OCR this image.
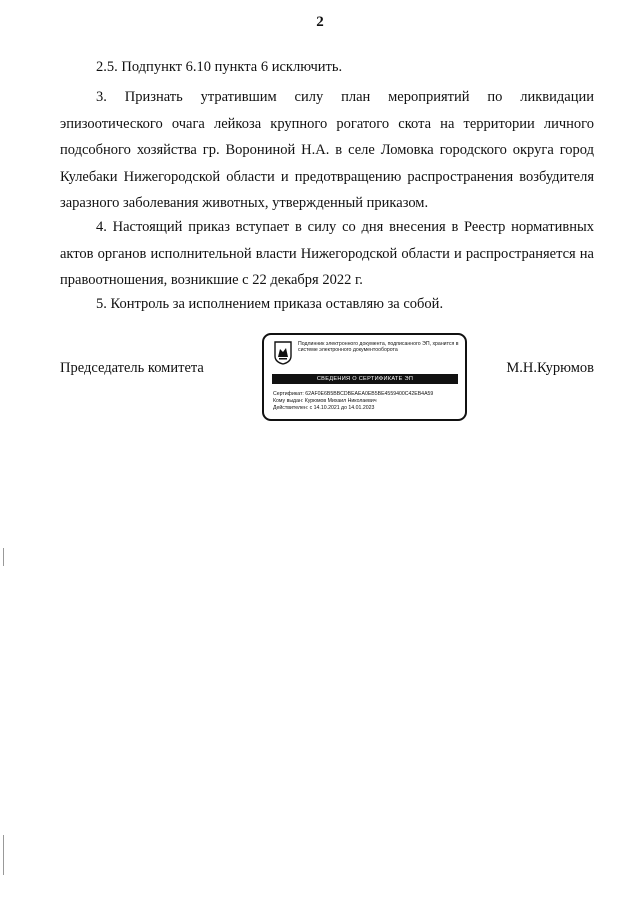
2

2.5. Подпункт 6.10 пункта 6 исключить.

3. Признать утратившим силу план мероприятий по ликвидации эпизоотического очага лейкоза крупного рогатого скота на территории личного подсобного хозяйства гр. Ворониной Н.А. в селе Ломовка городского округа город Кулебаки Нижегородской области и предотвращению распространения возбудителя заразного заболевания животных, утвержденный приказом.

4. Настоящий приказ вступает в силу со дня внесения в Реестр нормативных актов органов исполнительной власти Нижегородской области и распространяется на правоотношения, возникшие с 22 декабря 2022 г.

5. Контроль за исполнением приказа оставляю за собой.

Председатель комитета	М.Н.Курюмов
Подлинник электронного документа, подписанного ЭП, хранится в системе электронного документооборота
СВЕДЕНИЯ О СЕРТИФИКАТЕ ЭП
Сертификат: 62AF0E6B5BBCDBEAEA0EB5BE4559400C42EB4A59
Кому выдан: Курюмов Михаил Николаевич
Действителен: с 14.10.2021 до 14.01.2023
